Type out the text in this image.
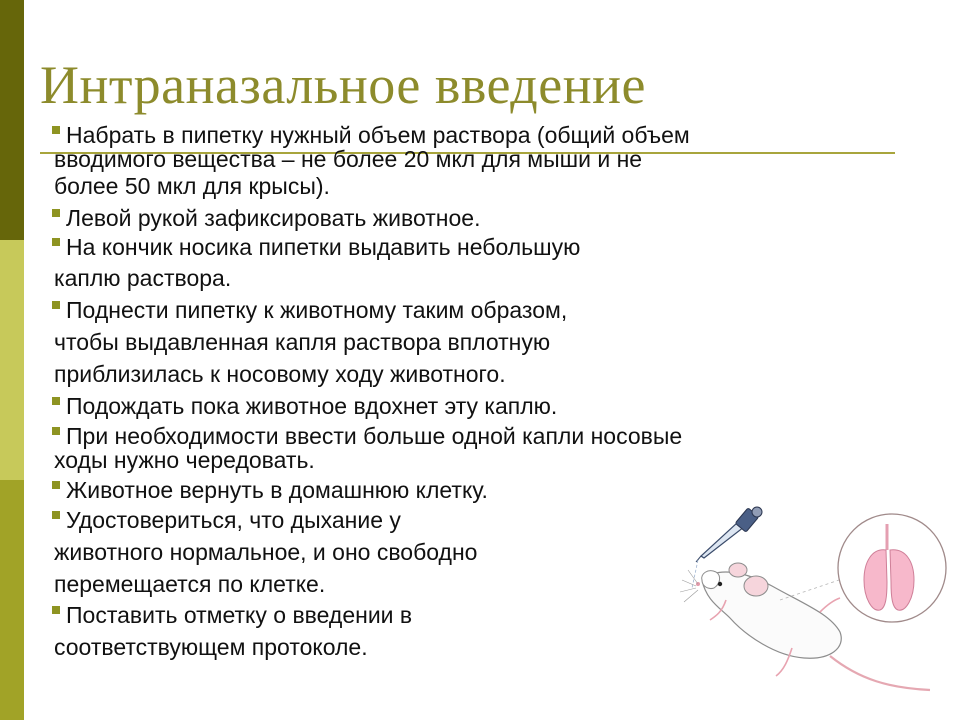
Интраназальное введение
Набрать в пипетку нужный объем раствора (общий объем
вводимого вещества – не более 20 мкл для мыши и не
более 50 мкл для крысы).
Левой рукой зафиксировать животное.
На кончик носика пипетки выдавить небольшую
каплю раствора.
Поднести пипетку к животному таким образом,
чтобы выдавленная капля раствора вплотную
приблизилась к носовому ходу животного.
Подождать пока животное вдохнет эту каплю.
При необходимости ввести больше одной капли носовые
ходы нужно чередовать.
Животное вернуть в домашнюю клетку.
Удостовериться, что дыхание у
животного нормальное, и оно свободно
перемещается по клетке.
Поставить отметку о введении в
соответствующем протоколе.
